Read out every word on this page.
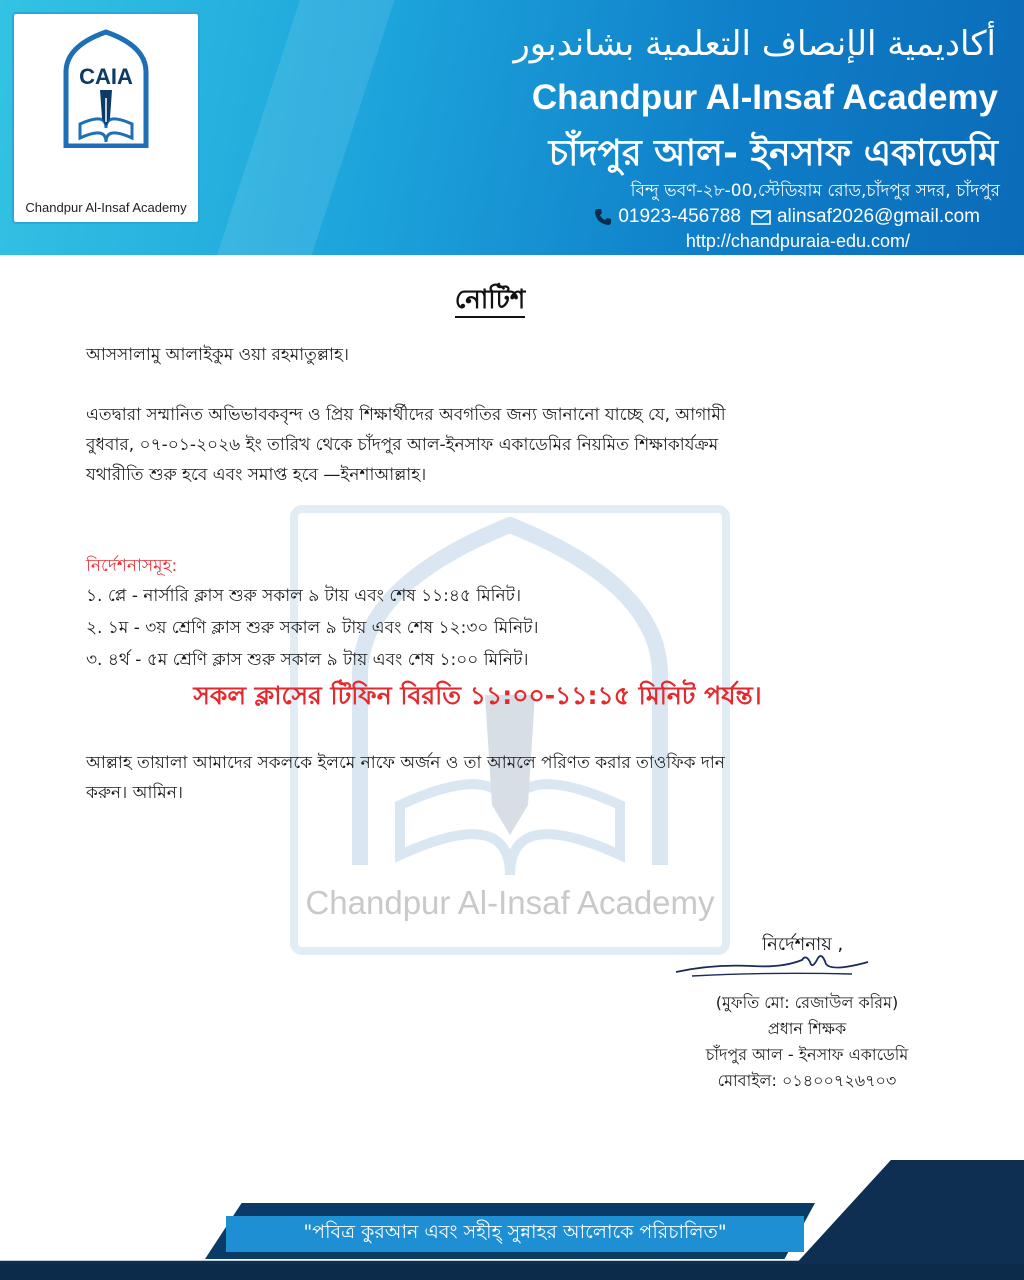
CAIA
Chandpur Al-Insaf Academy
أكاديمية الإنصاف التعلمية بشاندبور
Chandpur Al-Insaf Academy
চাঁদপুর আল- ইনসাফ একাডেমি
বিন্দু ভবণ-২৮-00,স্টেডিয়াম রোড,চাঁদপুর সদর, চাঁদপুর
01923-456788 alinsaf2026@gmail.com
http://chandpuraia-edu.com/
Chandpur Al-Insaf Academy
নোটিশ
আসসালামু আলাইকুম ওয়া রহমাতুল্লাহ।
এতদ্বারা সম্মানিত অভিভাবকবৃন্দ ও প্রিয় শিক্ষার্থীদের অবগতির জন্য জানানো যাচ্ছে যে, আগামী
বুধবার, ০৭-০১-২০২৬ ইং তারিখ থেকে চাঁদপুর আল-ইনসাফ একাডেমির নিয়মিত শিক্ষাকার্যক্রম
যথারীতি শুরু হবে এবং সমাপ্ত হবে —ইনশাআল্লাহ।
নির্দেশনাসমূহ:
১. প্লে - নার্সারি ক্লাস শুরু সকাল ৯ টায় এবং শেষ ১১:৪৫ মিনিট।
২. ১ম - ৩য় শ্রেণি ক্লাস শুরু সকাল ৯ টায় এবং শেষ ১২:৩০ মিনিট।
৩. ৪র্থ - ৫ম শ্রেণি ক্লাস শুরু সকাল ৯ টায় এবং শেষ ১:০০ মিনিট।
সকল ক্লাসের টিফিন বিরতি ১১:০০-১১:১৫ মিনিট পর্যন্ত।
আল্লাহ তায়ালা আমাদের সকলকে ইলমে নাফে অর্জন ও তা আমলে পরিণত করার তাওফিক দান
করুন। আমিন।
নির্দেশনায় ,
(মুফতি মো: রেজাউল করিম)
প্রধান শিক্ষক
চাঁদপুর আল - ইনসাফ একাডেমি
মোবাইল: ০১৪০০৭২৬৭০৩
"পবিত্র কুরআন এবং সহীহ্ সুন্নাহর আলোকে পরিচালিত"
